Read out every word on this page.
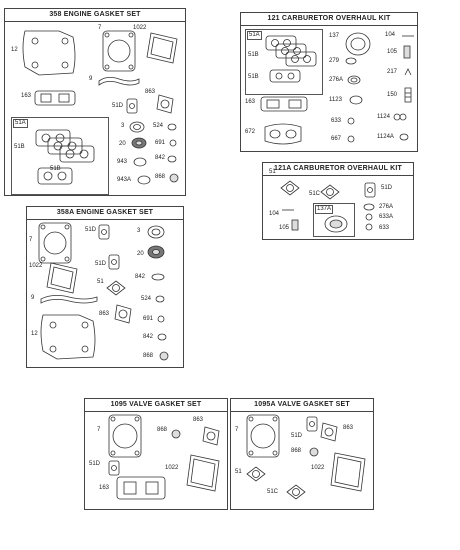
358 ENGINE GASKET SET
12
7	1022
9
163
863
51D
51A
51B
51B
3	524
20	691
943
842
943A	868
121 CARBURETOR OVERHAUL KIT
51A
51B
51B
137	104
279
105
276A
217
150
163	1123
1124
672
633
667	1124A
121A CARBURETOR OVERHAUL KIT
51
51C
51D
104
105
137A	276A
633A
633
358A ENGINE GASKET SET
7
51D	3
20
1022	51D
842
51
524
9
863
691
12	842
868
1095 VALVE GASKET SET
7	868
863
51D
1022
163
1095A VALVE GASKET SET
7
51D
863
868
51
1022
51C
